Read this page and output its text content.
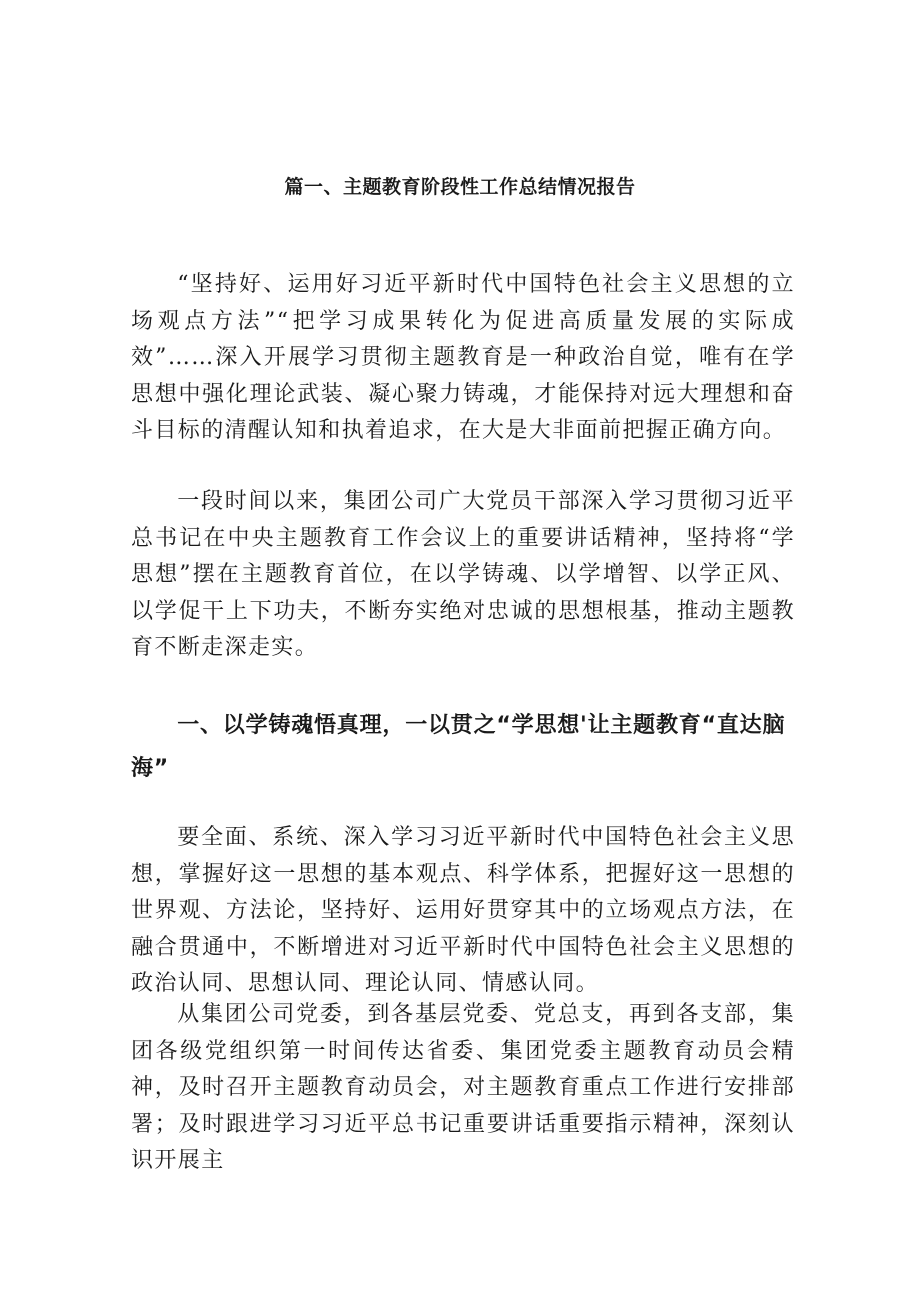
篇一、主题教育阶段性工作总结情况报告

“坚持好、运用好习近平新时代中国特色社会主义思想的立场观点方法”“把学习成果转化为促进高质量发展的实际成效”……深入开展学习贯彻主题教育是一种政治自觉，唯有在学思想中强化理论武装、凝心聚力铸魂，才能保持对远大理想和奋斗目标的清醒认知和执着追求，在大是大非面前把握正确方向。

一段时间以来，集团公司广大党员干部深入学习贯彻习近平总书记在中央主题教育工作会议上的重要讲话精神，坚持将“学思想”摆在主题教育首位，在以学铸魂、以学增智、以学正风、以学促干上下功夫，不断夯实绝对忠诚的思想根基，推动主题教育不断走深走实。

一、以学铸魂悟真理，一以贯之“学思想'让主题教育“直达脑海”

要全面、系统、深入学习习近平新时代中国特色社会主义思想，掌握好这一思想的基本观点、科学体系，把握好这一思想的世界观、方法论，坚持好、运用好贯穿其中的立场观点方法，在融合贯通中，不断增进对习近平新时代中国特色社会主义思想的政治认同、思想认同、理论认同、情感认同。

从集团公司党委，到各基层党委、党总支，再到各支部，集团各级党组织第一时间传达省委、集团党委主题教育动员会精神，及时召开主题教育动员会，对主题教育重点工作进行安排部署；及时跟进学习习近平总书记重要讲话重要指示精神，深刻认识开展主
